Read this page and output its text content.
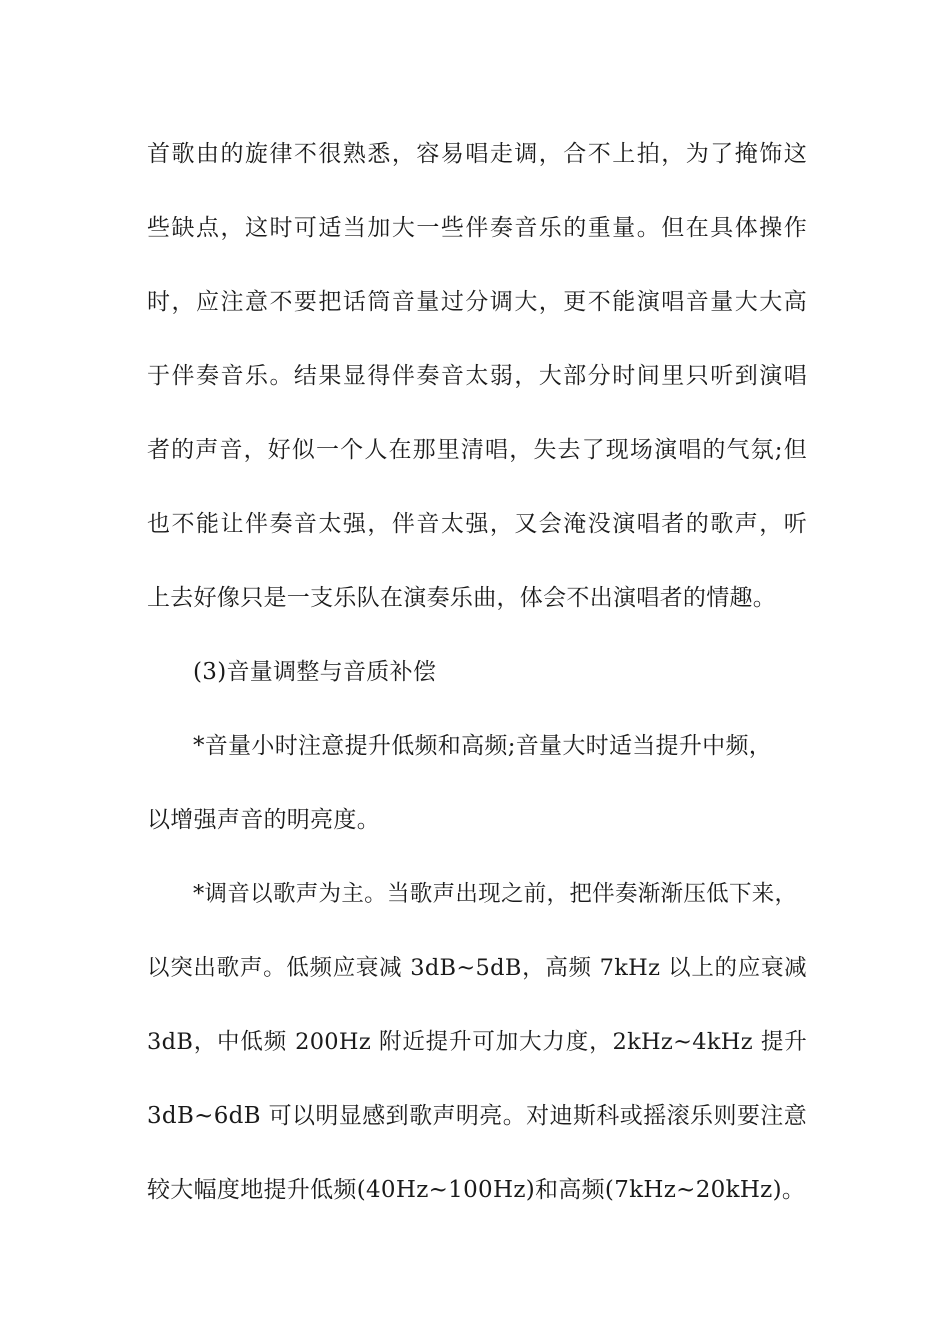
首歌由的旋律不很熟悉，容易唱走调，合不上拍，为了掩饰这
些缺点，这时可适当加大一些伴奏音乐的重量。但在具体操作
时，应注意不要把话筒音量过分调大，更不能演唱音量大大高
于伴奏音乐。结果显得伴奏音太弱，大部分时间里只听到演唱
者的声音，好似一个人在那里清唱，失去了现场演唱的气氛;但
也不能让伴奏音太强，伴音太强，又会淹没演唱者的歌声，听
上去好像只是一支乐队在演奏乐曲，体会不出演唱者的情趣。
(3)音量调整与音质补偿
*音量小时注意提升低频和高频;音量大时适当提升中频，
以增强声音的明亮度。
*调音以歌声为主。当歌声出现之前，把伴奏渐渐压低下来，
以突出歌声。低频应衰减 3dB~5dB，高频 7kHz 以上的应衰减
3dB，中低频 200Hz 附近提升可加大力度，2kHz~4kHz 提升
3dB~6dB 可以明显感到歌声明亮。对迪斯科或摇滚乐则要注意
较大幅度地提升低频(40Hz~100Hz)和高频(7kHz~20kHz)。
